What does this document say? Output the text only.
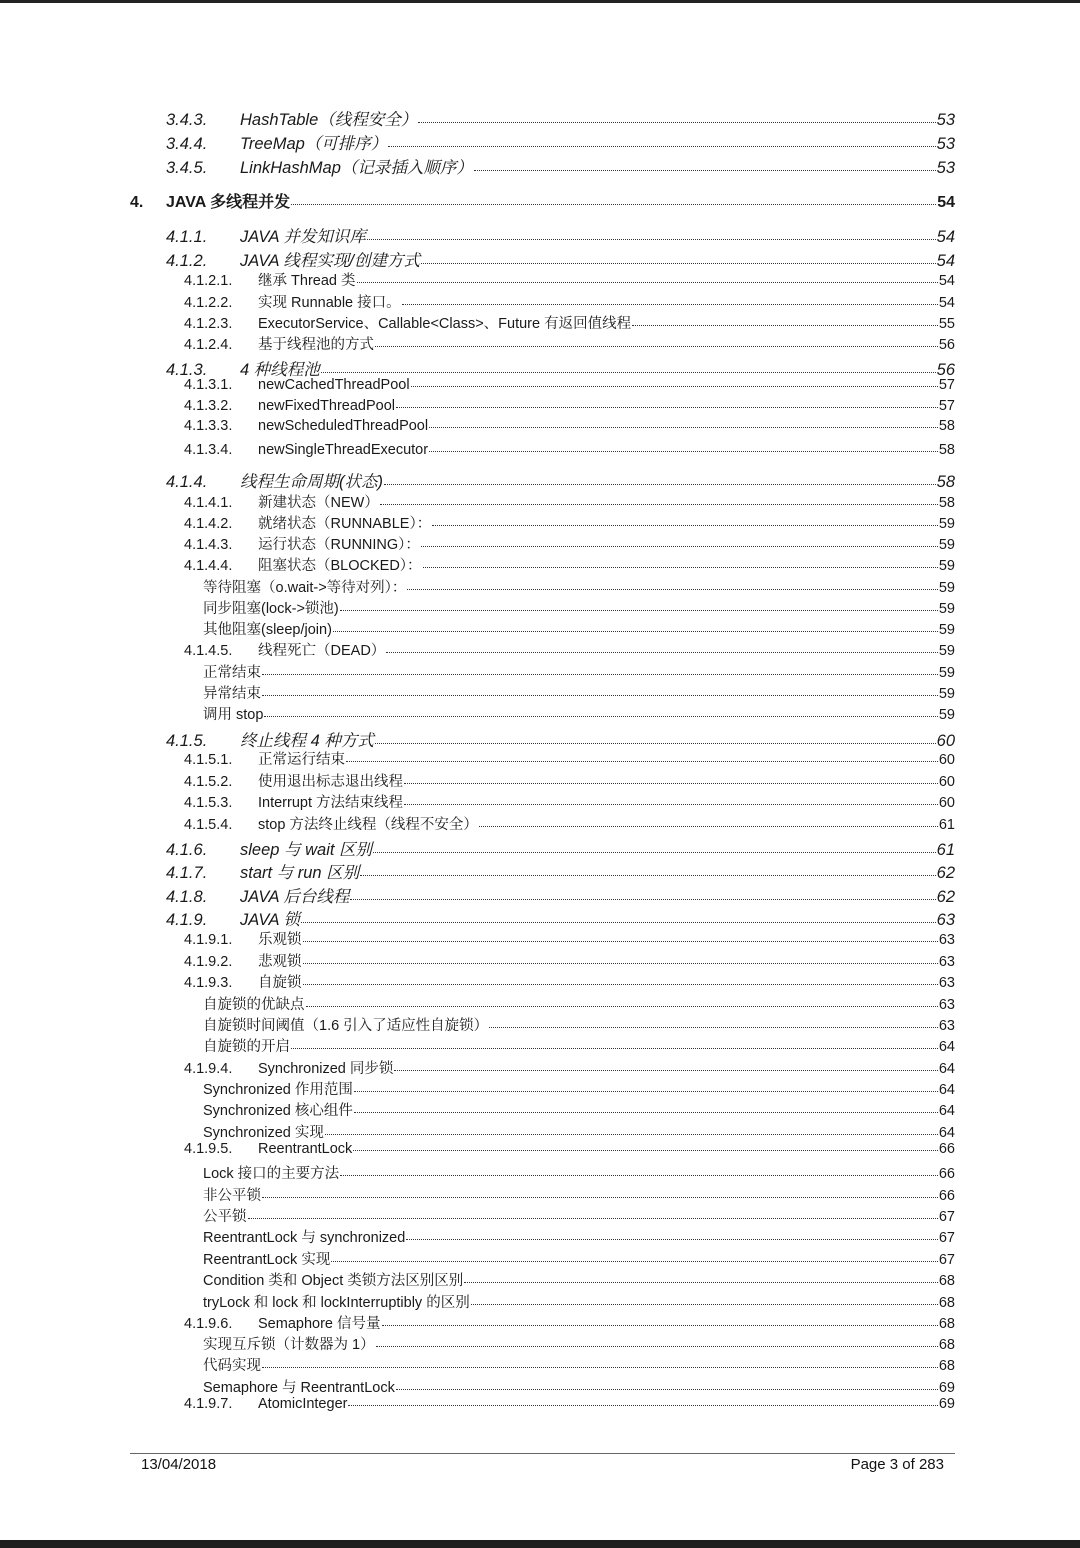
3.4.3.	HashTable（线程安全）	53
3.4.4.	TreeMap（可排序）	53
3.4.5.	LinkHashMap（记录插入顺序）	53
4.	JAVA 多线程并发	54
4.1.1.	JAVA 并发知识库	54
4.1.2.	JAVA 线程实现/创建方式	54
4.1.2.1.	继承 Thread 类	54
4.1.2.2.	实现 Runnable 接口。	54
4.1.2.3.	ExecutorService、Callable<Class>、Future 有返回值线程	55
4.1.2.4.	基于线程池的方式	56
4.1.3.	4 种线程池	56
4.1.3.1.	newCachedThreadPool	57
4.1.3.2.	newFixedThreadPool	57
4.1.3.3.	newScheduledThreadPool	58
4.1.3.4.	newSingleThreadExecutor	58
4.1.4.	线程生命周期(状态)	58
4.1.4.1.	新建状态（NEW）	58
4.1.4.2.	就绪状态（RUNNABLE）：	59
4.1.4.3.	运行状态（RUNNING）：	59
4.1.4.4.	阻塞状态（BLOCKED）：	59
等待阻塞（o.wait->等待对列）：	59
同步阻塞(lock->锁池)	59
其他阻塞(sleep/join)	59
4.1.4.5.	线程死亡（DEAD）	59
正常结束	59
异常结束	59
调用 stop	59
4.1.5.	终止线程 4 种方式	60
4.1.5.1.	正常运行结束	60
4.1.5.2.	使用退出标志退出线程	60
4.1.5.3.	Interrupt 方法结束线程	60
4.1.5.4.	stop 方法终止线程（线程不安全）	61
4.1.6.	sleep 与 wait 区别	61
4.1.7.	start 与 run 区别	62
4.1.8.	JAVA 后台线程	62
4.1.9.	JAVA 锁	63
4.1.9.1.	乐观锁	63
4.1.9.2.	悲观锁	63
4.1.9.3.	自旋锁	63
自旋锁的优缺点	63
自旋锁时间阈值（1.6 引入了适应性自旋锁）	63
自旋锁的开启	64
4.1.9.4.	Synchronized 同步锁	64
Synchronized 作用范围	64
Synchronized 核心组件	64
Synchronized 实现	64
4.1.9.5.	ReentrantLock	66
Lock 接口的主要方法	66
非公平锁	66
公平锁	67
ReentrantLock 与 synchronized	67
ReentrantLock 实现	67
Condition 类和 Object 类锁方法区别区别	68
tryLock 和 lock 和 lockInterruptibly 的区别	68
4.1.9.6.	Semaphore 信号量	68
实现互斥锁（计数器为 1）	68
代码实现	68
Semaphore 与 ReentrantLock	69
4.1.9.7.	AtomicInteger	69
13/04/2018	Page 3 of 283
